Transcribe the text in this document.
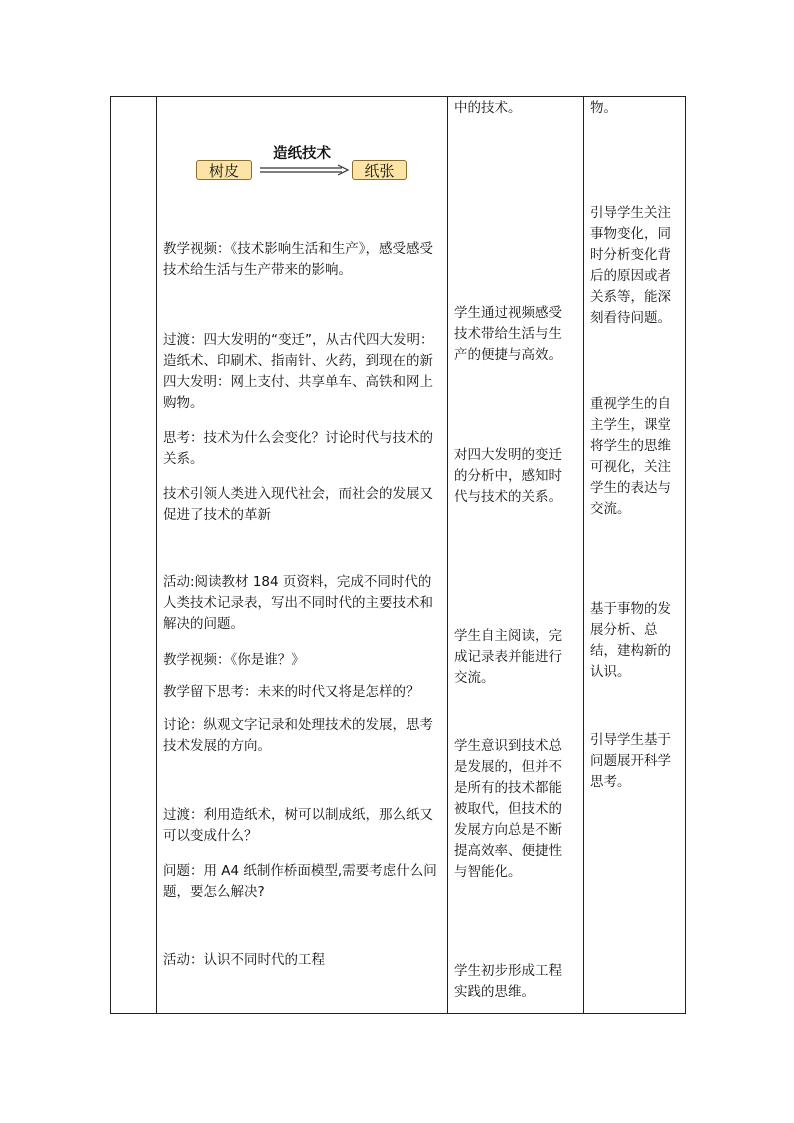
树皮
造纸技术
纸张
教学视频：《技术影响生活和生产》，感受感受技术给生活与生产带来的影响。
过渡：四大发明的“变迁”，从古代四大发明：造纸术、印刷术、指南针、火药，到现在的新四大发明：网上支付、共享单车、高铁和网上购物。
思考：技术为什么会变化？讨论时代与技术的关系。
技术引领人类进入现代社会，而社会的发展又促进了技术的革新
活动:阅读教材 184 页资料，完成不同时代的人类技术记录表，写出不同时代的主要技术和解决的问题。
教学视频：《你是谁？》
教学留下思考：未来的时代又将是怎样的？
讨论：纵观文字记录和处理技术的发展，思考技术发展的方向。
过渡：利用造纸术，树可以制成纸，那么纸又可以变成什么？
问题：用 A4 纸制作桥面模型,需要考虑什么问题，要怎么解决?
活动：认识不同时代的工程
中的技术。
学生通过视频感受技术带给生活与生产的便捷与高效。
对四大发明的变迁的分析中，感知时代与技术的关系。
学生自主阅读，完成记录表并能进行交流。
学生意识到技术总是发展的，但并不是所有的技术都能被取代，但技术的发展方向总是不断提高效率、便捷性与智能化。
学生初步形成工程实践的思维。
物。
引导学生关注事物变化，同时分析变化背后的原因或者关系等，能深刻看待问题。
重视学生的自主学生，课堂将学生的思维可视化，关注学生的表达与交流。
基于事物的发展分析、总结，建构新的认识。
引导学生基于问题展开科学思考。
